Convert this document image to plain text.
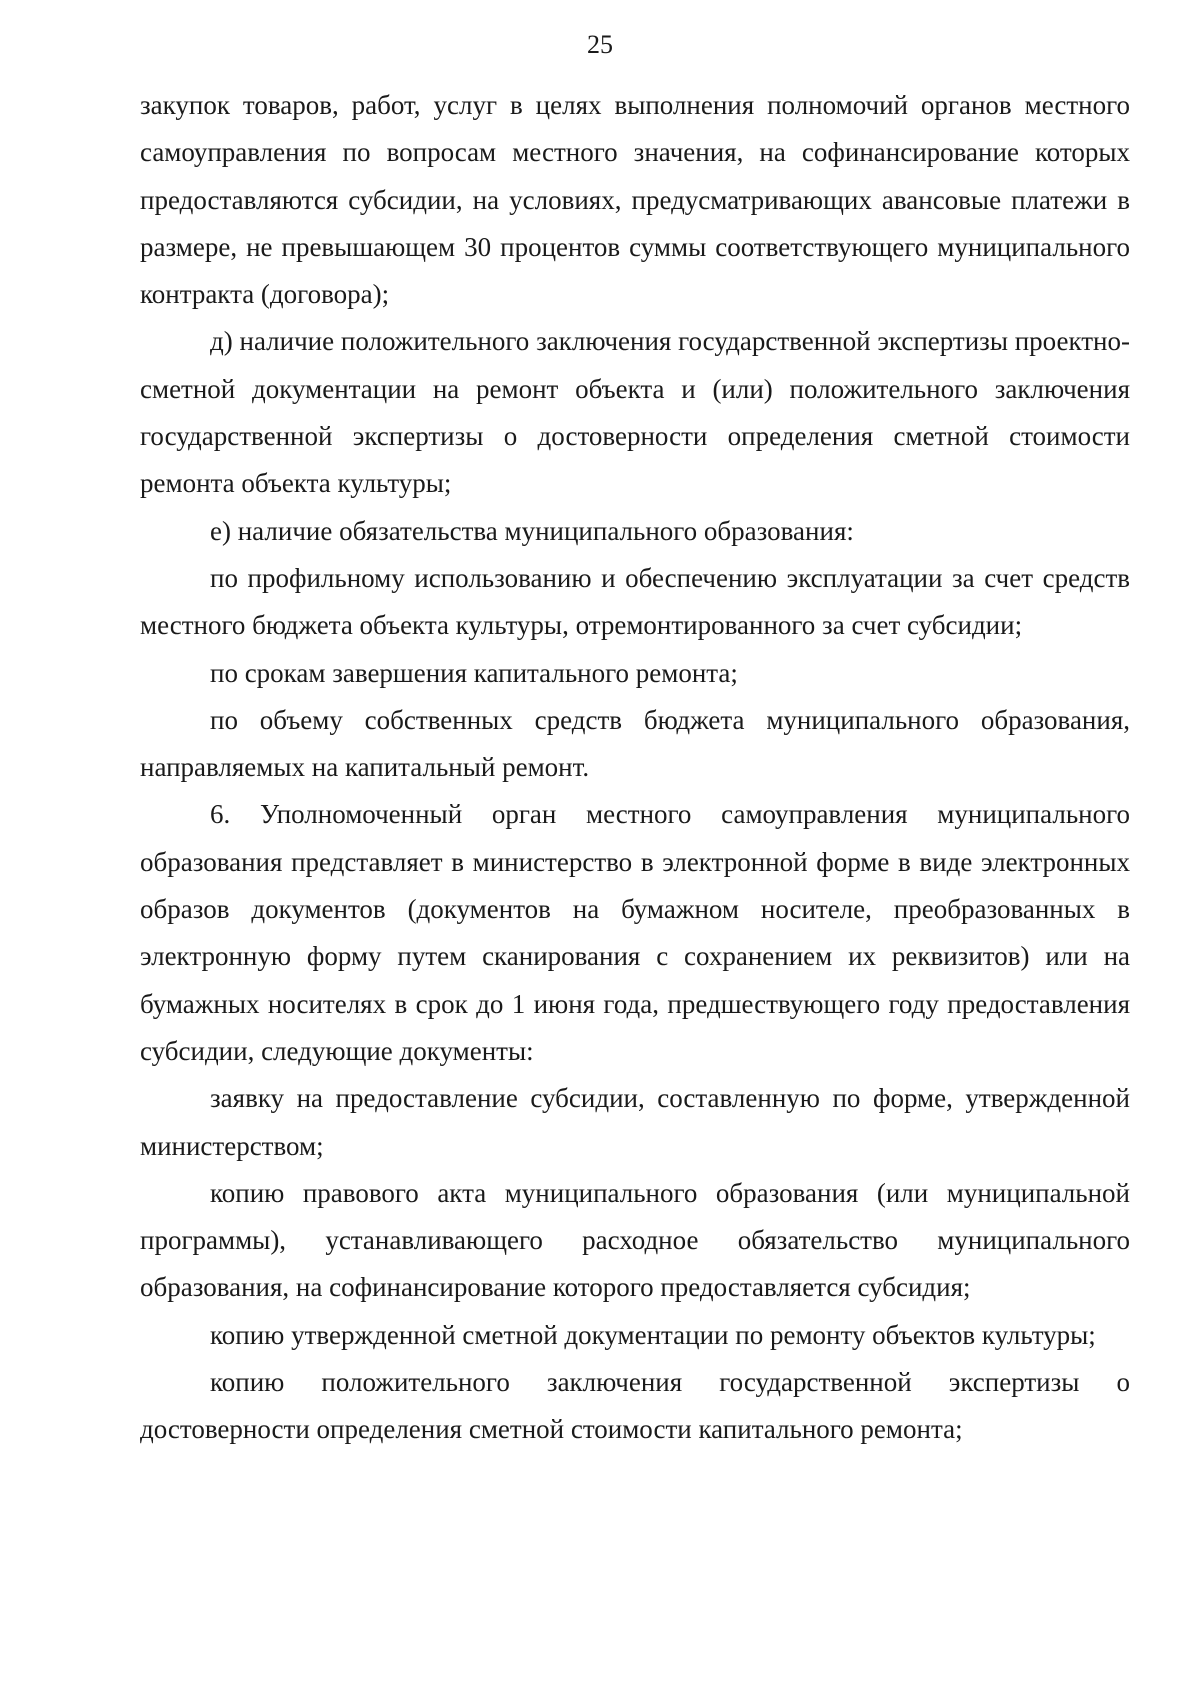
25

закупок товаров, работ, услуг в целях выполнения полномочий органов местного самоуправления по вопросам местного значения, на софинансирование которых предоставляются субсидии, на условиях, предусматривающих авансовые платежи в размере, не превышающем 30 процентов суммы соответствующего муниципального контракта (договора);

д) наличие положительного заключения государственной экспертизы проектно-сметной документации на ремонт объекта и (или) положительного заключения государственной экспертизы о достоверности определения сметной стоимости ремонта объекта культуры;

е) наличие обязательства муниципального образования:

по профильному использованию и обеспечению эксплуатации за счет средств местного бюджета объекта культуры, отремонтированного за счет субсидии;

по срокам завершения капитального ремонта;

по объему собственных средств бюджета муниципального образования, направляемых на капитальный ремонт.

6. Уполномоченный орган местного самоуправления муниципального образования представляет в министерство в электронной форме в виде электронных образов документов (документов на бумажном носителе, преобразованных в электронную форму путем сканирования с сохранением их реквизитов) или на бумажных носителях в срок до 1 июня года, предшествующего году предоставления субсидии, следующие документы:

заявку на предоставление субсидии, составленную по форме, утвержденной министерством;

копию правового акта муниципального образования (или муниципальной программы), устанавливающего расходное обязательство муниципального образования, на софинансирование которого предоставляется субсидия;

копию утвержденной сметной документации по ремонту объектов культуры;

копию положительного заключения государственной экспертизы о достоверности определения сметной стоимости капитального ремонта;
